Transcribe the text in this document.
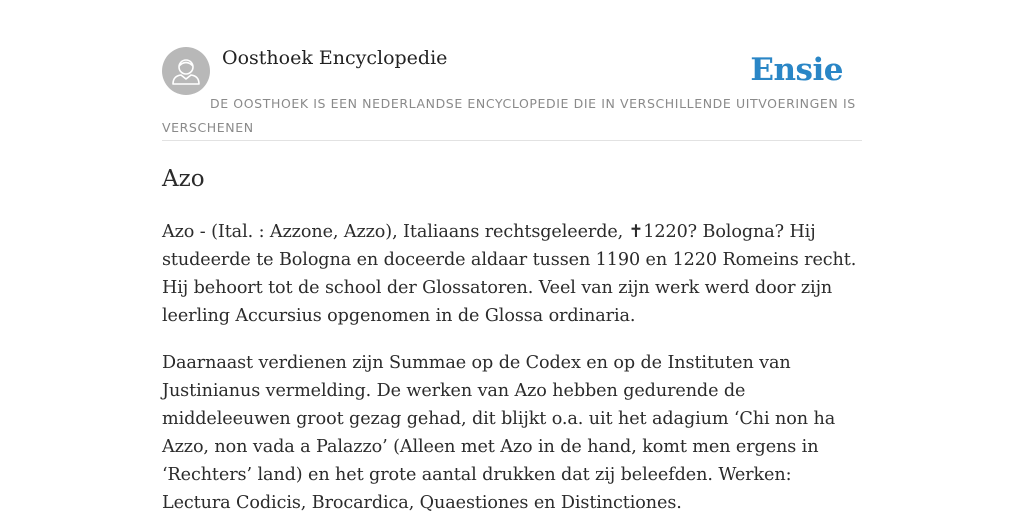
Oosthoek Encyclopedie	Ensie
DE OOSTHOEK IS EEN NEDERLANDSE ENCYCLOPEDIE DIE IN VERSCHILLENDE UITVOERINGEN IS VERSCHENEN
Azo

Azo - (Ital. : Azzone, Azzo), Italiaans rechtsgeleerde, ✝1220? Bologna? Hij studeerde te Bologna en doceerde aldaar tussen 1190 en 1220 Romeins recht. Hij behoort tot de school der Glossatoren. Veel van zijn werk werd door zijn leerling Accursius opgenomen in de Glossa ordinaria.

Daarnaast verdienen zijn Summae op de Codex en op de Instituten van Justinianus vermelding. De werken van Azo hebben gedurende de middeleeuwen groot gezag gehad, dit blijkt o.a. uit het adagium ‘Chi non ha Azzo, non vada a Palazzo’ (Alleen met Azo in de hand, komt men ergens in ‘Rechters’ land) en het grote aantal drukken dat zij beleefden. Werken: Lectura Codicis, Brocardica, Quaestiones en Distinctiones.
